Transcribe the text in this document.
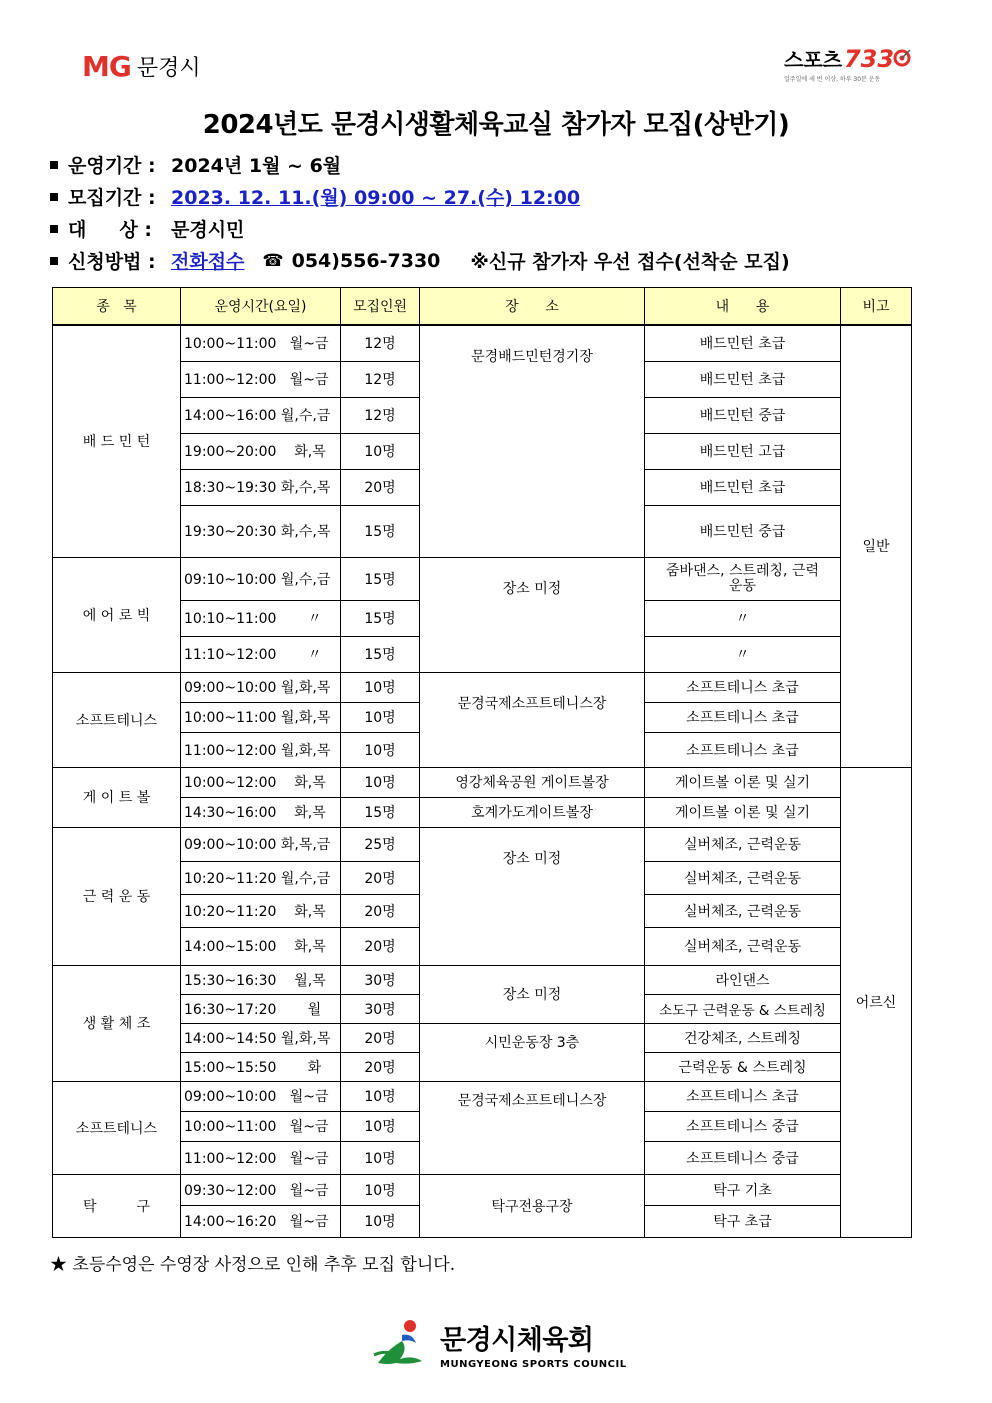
MG 문경시	스포츠 733
일주일에 세 번 이상, 하루 30분 운동
2024년도 문경시생활체육교실 참가자 모집(상반기)
운영기간 : 2024년 1월 ~ 6월
모집기간 : 2023. 12. 11.(월) 09:00 ~ 27.(수) 12:00
대     상 :	문경시민
신청방법 : 전화접수 ☎ 054)556-7330 ※신규 참가자 우선 접수(선착순 모집)
종   목	운영시간(요일)	모집인원	장      소	내      용	비고
배 드 민 턴	10:00~11:00   월~금	12명	문경배드민턴경기장	배드민턴 초급	일반
	11:00~12:00   월~금	12명		배드민턴 초급	
	14:00~16:00 월,수,금	12명		배드민턴 중급	
	19:00~20:00    화,목	10명		배드민턴 고급	
	18:30~19:30 화,수,목	20명		배드민턴 초급	
	19:30~20:30 화,수,목	15명		배드민턴 중급	
에 어 로 빅	09:10~10:00 월,수,금	15명	장소 미정	줌바댄스, 스트레칭, 근력운동	
	10:10~11:00       〃	15명		〃	
	11:10~12:00       〃	15명		〃	
소프트테니스	09:00~10:00 월,화,목	10명	문경국제소프트테니스장	소프트테니스 초급	
	10:00~11:00 월,화,목	10명		소프트테니스 초급	
	11:00~12:00 월,화,목	10명		소프트테니스 초급	
게 이 트 볼	10:00~12:00    화,목	10명	영강체육공원 게이트볼장	게이트볼 이론 및 실기	어르신
	14:30~16:00    화,목	15명	호계가도게이트볼장	게이트볼 이론 및 실기	
근 력 운 동	09:00~10:00 화,목,금	25명	장소 미정	실버체조, 근력운동	
	10:20~11:20 월,수,금	20명		실버체조, 근력운동	
	10:20~11:20    화,목	20명		실버체조, 근력운동	
	14:00~15:00    화,목	20명		실버체조, 근력운동	
생 활 체 조	15:30~16:30    월,목	30명	장소 미정	라인댄스	
	16:30~17:20       월	30명		소도구 근력운동 & 스트레칭	
	14:00~14:50 월,화,목	20명	시민운동장 3층	건강체조, 스트레칭	
	15:00~15:50       화	20명		근력운동 & 스트레칭	
소프트테니스	09:00~10:00   월~금	10명	문경국제소프트테니스장	소프트테니스 초급	
	10:00~11:00   월~금	10명		소프트테니스 중급	
	11:00~12:00   월~금	10명		소프트테니스 중급	
탁         구	09:30~12:00   월~금	10명	탁구전용구장	탁구 기초	
	14:00~16:20   월~금	10명		탁구 초급	
★ 초등수영은 수영장 사정으로 인해 추후 모집 합니다.
문경시체육회
MUNGYEONG SPORTS COUNCIL
